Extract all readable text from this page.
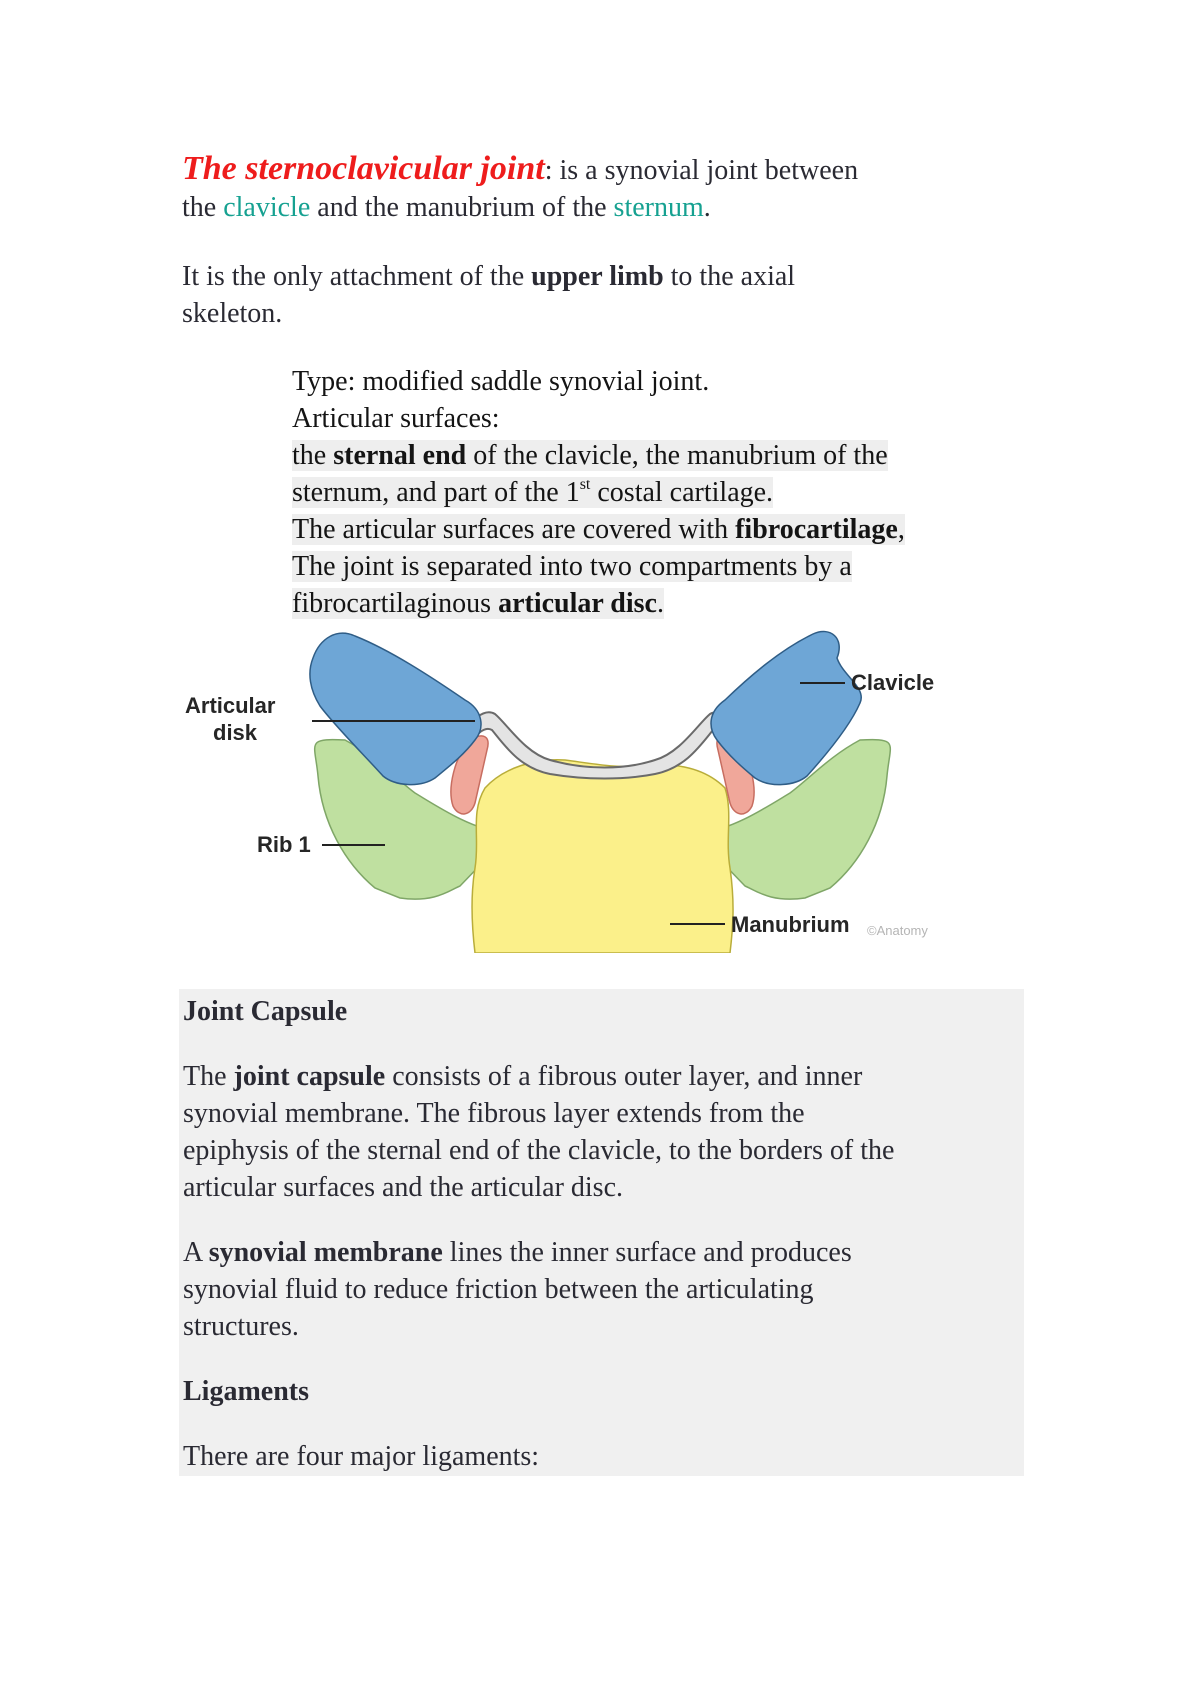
The sternoclavicular joint: is a synovial joint between
the clavicle and the manubrium of the sternum.
It is the only attachment of the upper limb to the axial
skeleton.
Type: modified saddle synovial joint.
Articular surfaces:
the sternal end of the clavicle, the manubrium of the
sternum, and part of the 1st costal cartilage.
The articular surfaces are covered with fibrocartilage,
The joint is separated into two compartments by a
fibrocartilaginous articular disc.
Clavicle
Articular
disk
Rib 1
Manubrium ©Anatomy
Joint Capsule

The joint capsule consists of a fibrous outer layer, and inner
synovial membrane. The fibrous layer extends from the
epiphysis of the sternal end of the clavicle, to the borders of the
articular surfaces and the articular disc.

A synovial membrane lines the inner surface and produces
synovial fluid to reduce friction between the articulating
structures.

Ligaments

There are four major ligaments:
